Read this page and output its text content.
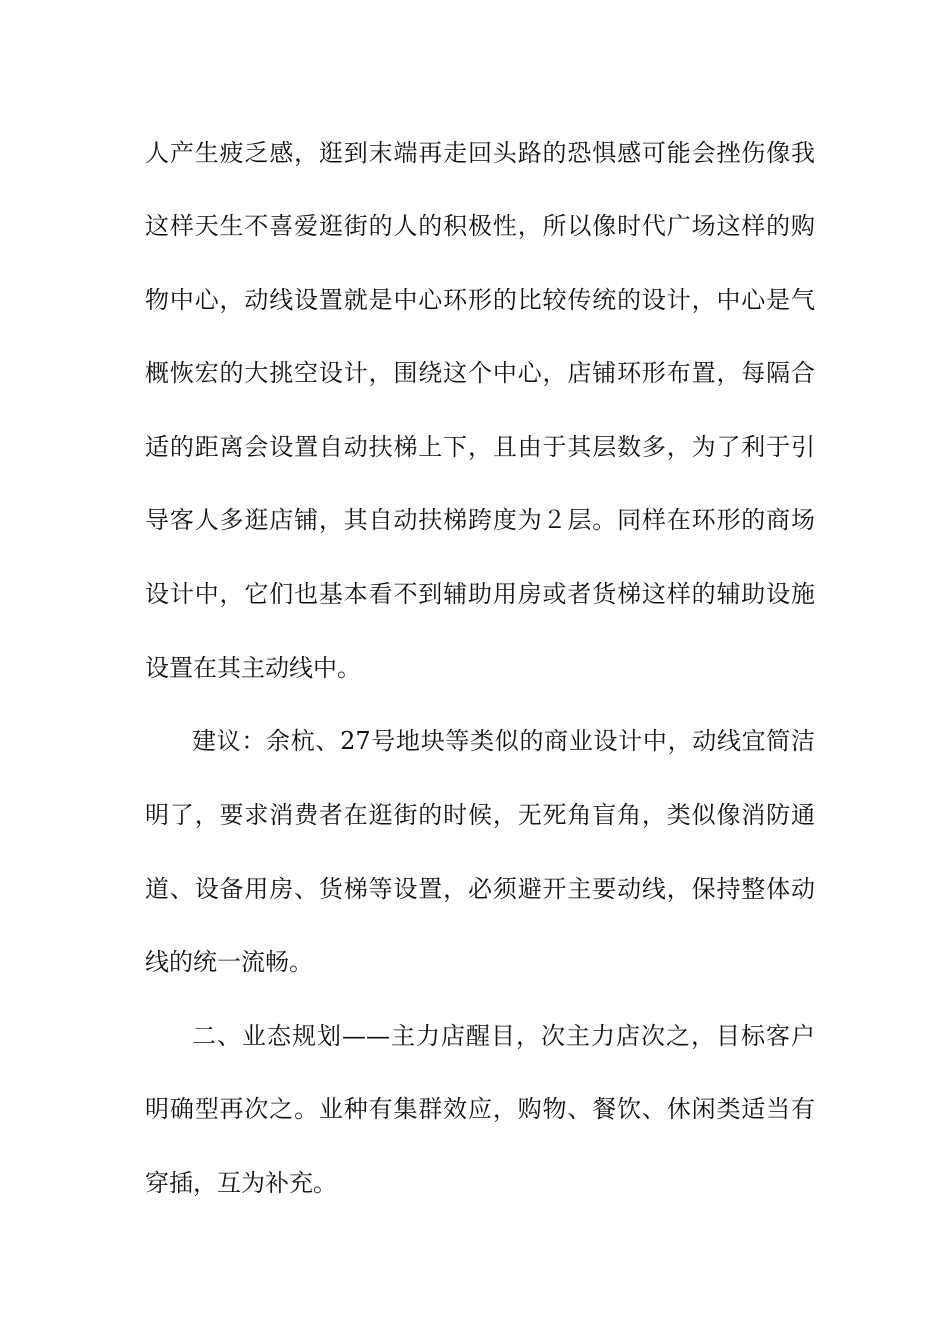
人产生疲乏感，逛到末端再走回头路的恐惧感可能会挫伤像我
这样天生不喜爱逛街的人的积极性，所以像时代广场这样的购
物中心，动线设置就是中心环形的比较传统的设计，中心是气
概恢宏的大挑空设计，围绕这个中心，店铺环形布置，每隔合
适的距离会设置自动扶梯上下，且由于其层数多，为了利于引
导客人多逛店铺，其自动扶梯跨度为２层。同样在环形的商场
设计中，它们也基本看不到辅助用房或者货梯这样的辅助设施
设置在其主动线中。
建议：余杭、27号地块等类似的商业设计中，动线宜简洁
明了，要求消费者在逛街的时候，无死角盲角，类似像消防通
道、设备用房、货梯等设置，必须避开主要动线，保持整体动
线的统一流畅。
二、业态规划——主力店醒目，次主力店次之，目标客户
明确型再次之。业种有集群效应，购物、餐饮、休闲类适当有
穿插，互为补充。
